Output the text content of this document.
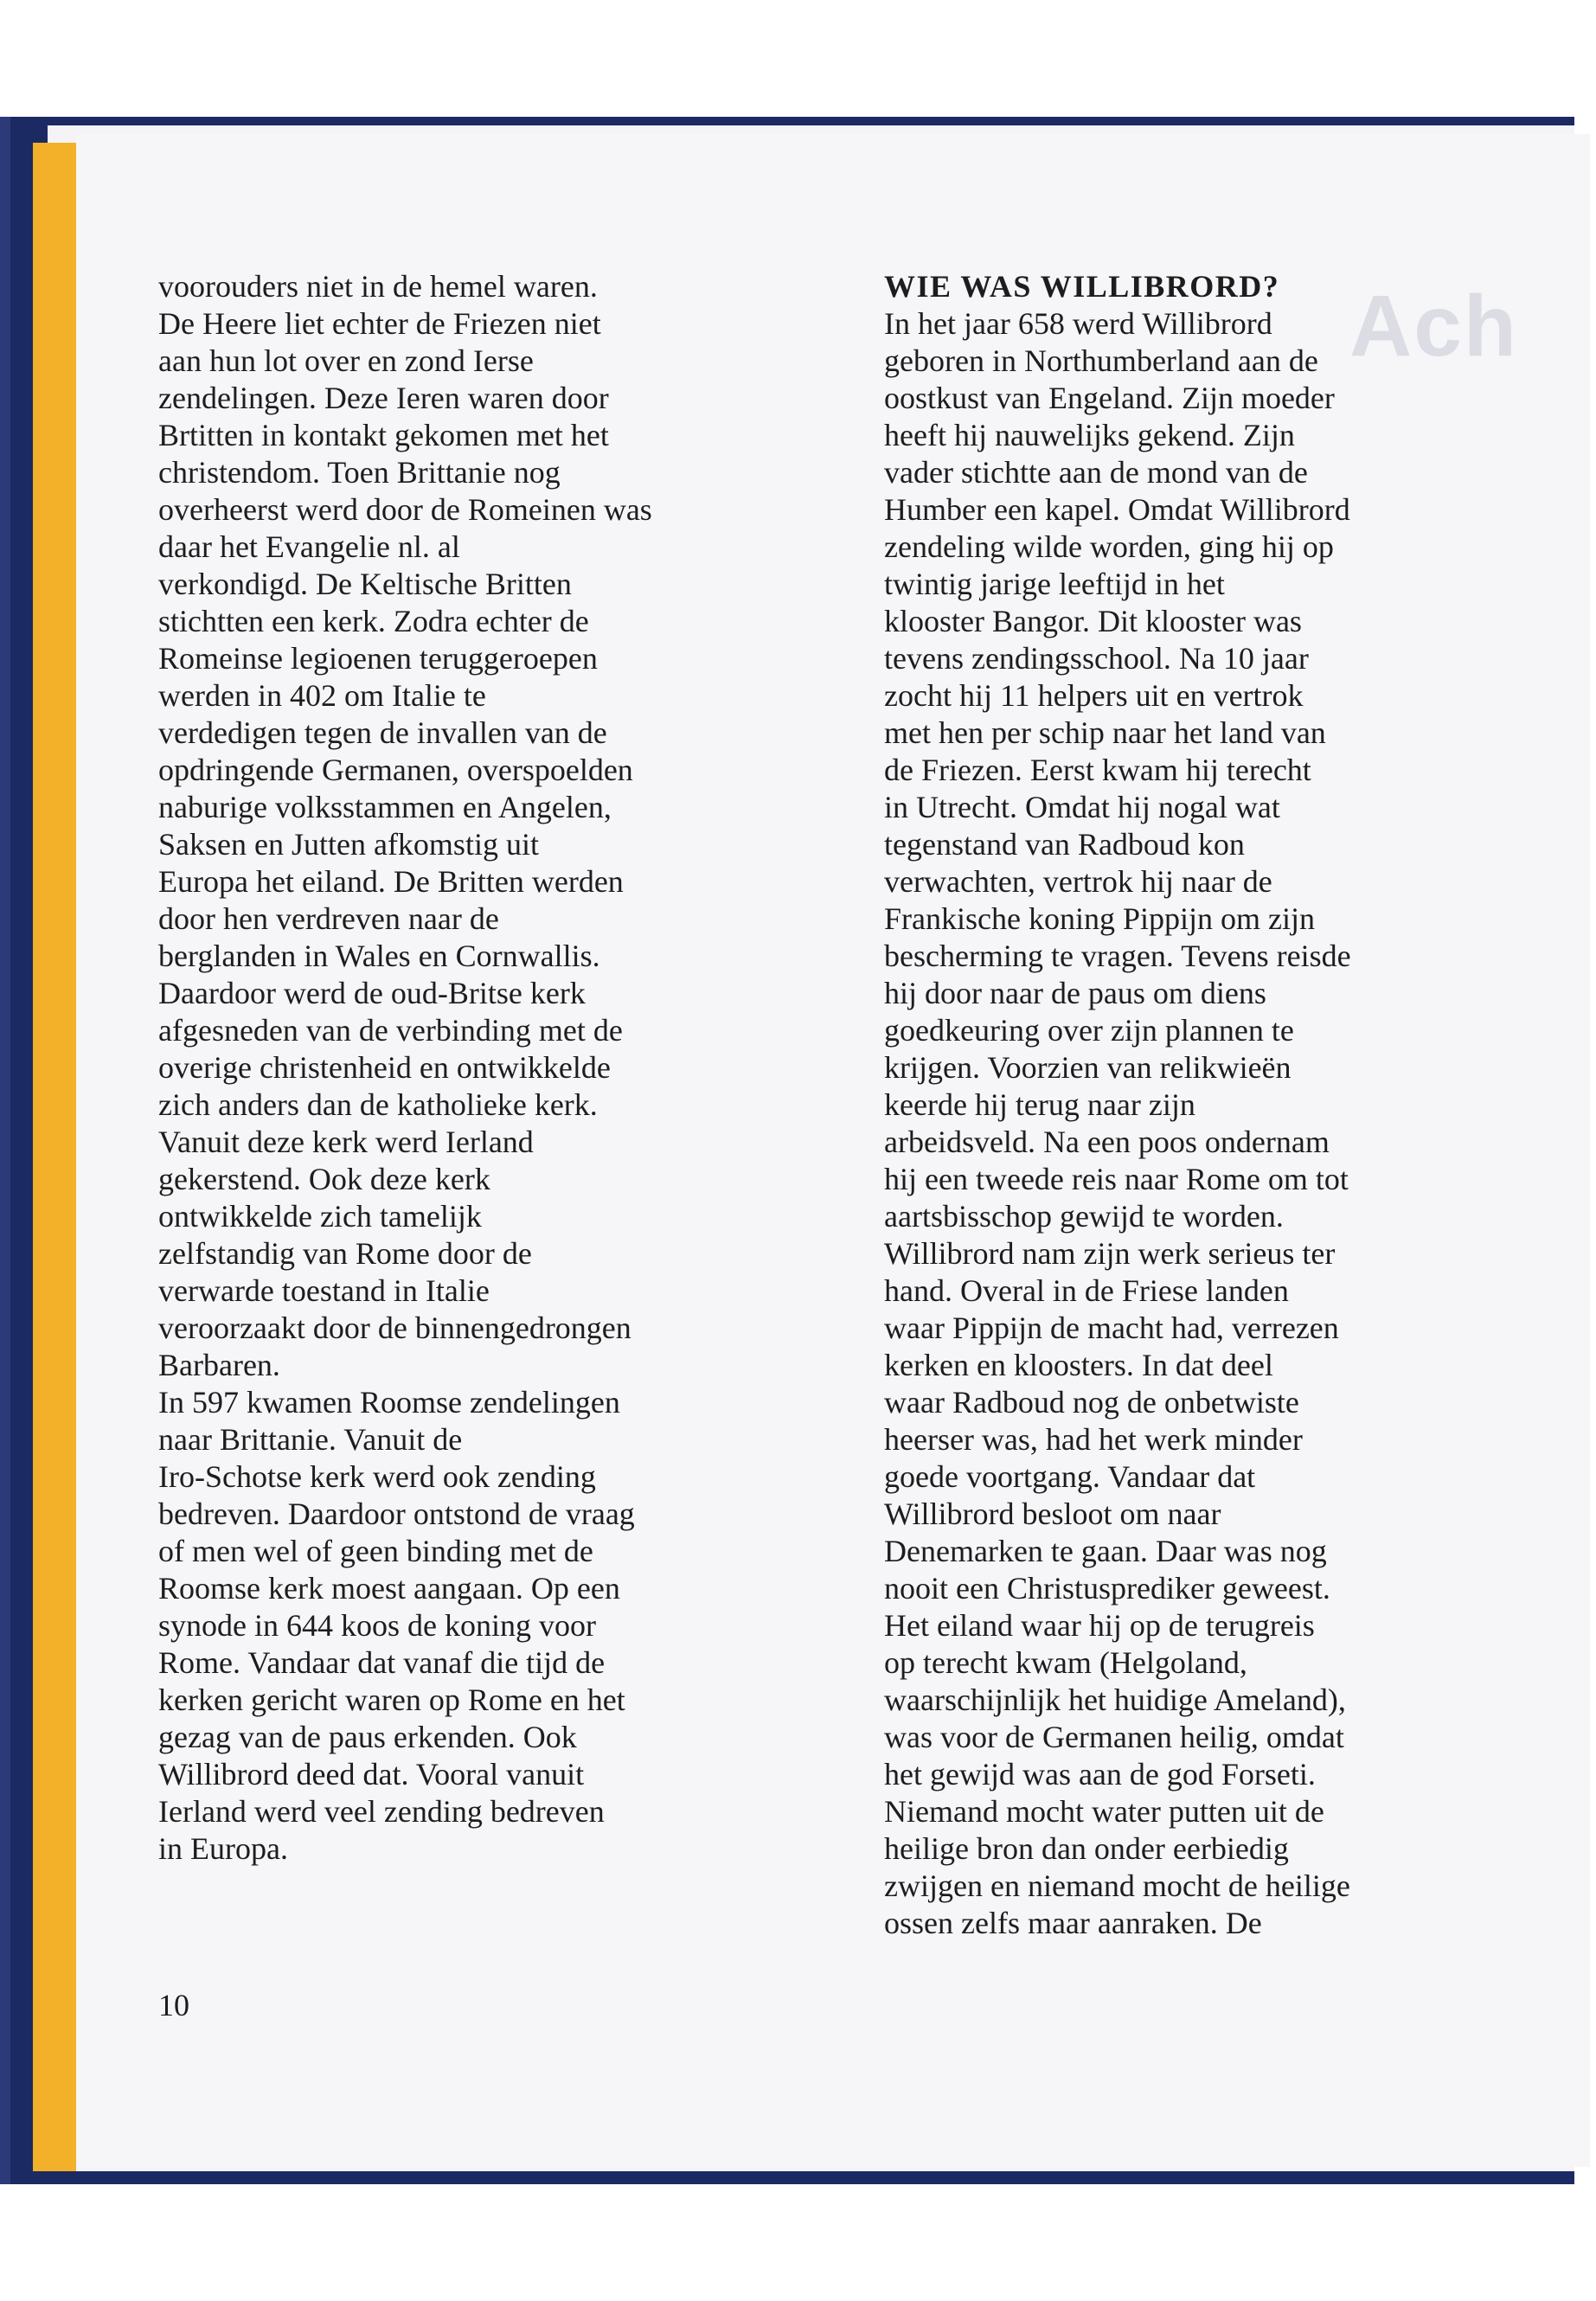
Ach
voorouders niet in de hemel waren.
De Heere liet echter de Friezen niet
aan hun lot over en zond Ierse
zendelingen. Deze Ieren waren door
Brtitten in kontakt gekomen met het
christendom. Toen Brittanie nog
overheerst werd door de Romeinen was
daar het Evangelie nl. al
verkondigd. De Keltische Britten
stichtten een kerk. Zodra echter de
Romeinse legioenen teruggeroepen
werden in 402 om Italie te
verdedigen tegen de invallen van de
opdringende Germanen, overspoelden
naburige volksstammen en Angelen,
Saksen en Jutten afkomstig uit
Europa het eiland. De Britten werden
door hen verdreven naar de
berglanden in Wales en Cornwallis.
Daardoor werd de oud-Britse kerk
afgesneden van de verbinding met de
overige christenheid en ontwikkelde
zich anders dan de katholieke kerk.
Vanuit deze kerk werd Ierland
gekerstend. Ook deze kerk
ontwikkelde zich tamelijk
zelfstandig van Rome door de
verwarde toestand in Italie
veroorzaakt door de binnengedrongen
Barbaren.
In 597 kwamen Roomse zendelingen
naar Brittanie. Vanuit de
Iro-Schotse kerk werd ook zending
bedreven. Daardoor ontstond de vraag
of men wel of geen binding met de
Roomse kerk moest aangaan. Op een
synode in 644 koos de koning voor
Rome. Vandaar dat vanaf die tijd de
kerken gericht waren op Rome en het
gezag van de paus erkenden. Ook
Willibrord deed dat. Vooral vanuit
Ierland werd veel zending bedreven
in Europa.
WIE WAS WILLIBRORD?
In het jaar 658 werd Willibrord
geboren in Northumberland aan de
oostkust van Engeland. Zijn moeder
heeft hij nauwelijks gekend. Zijn
vader stichtte aan de mond van de
Humber een kapel. Omdat Willibrord
zendeling wilde worden, ging hij op
twintig jarige leeftijd in het
klooster Bangor. Dit klooster was
tevens zendingsschool. Na 10 jaar
zocht hij 11 helpers uit en vertrok
met hen per schip naar het land van
de Friezen. Eerst kwam hij terecht
in Utrecht. Omdat hij nogal wat
tegenstand van Radboud kon
verwachten, vertrok hij naar de
Frankische koning Pippijn om zijn
bescherming te vragen. Tevens reisde
hij door naar de paus om diens
goedkeuring over zijn plannen te
krijgen. Voorzien van relikwieën
keerde hij terug naar zijn
arbeidsveld. Na een poos ondernam
hij een tweede reis naar Rome om tot
aartsbisschop gewijd te worden.
Willibrord nam zijn werk serieus ter
hand. Overal in de Friese landen
waar Pippijn de macht had, verrezen
kerken en kloosters. In dat deel
waar Radboud nog de onbetwiste
heerser was, had het werk minder
goede voortgang. Vandaar dat
Willibrord besloot om naar
Denemarken te gaan. Daar was nog
nooit een Christusprediker geweest.
Het eiland waar hij op de terugreis
op terecht kwam (Helgoland,
waarschijnlijk het huidige Ameland),
was voor de Germanen heilig, omdat
het gewijd was aan de god Forseti.
Niemand mocht water putten uit de
heilige bron dan onder eerbiedig
zwijgen en niemand mocht de heilige
ossen zelfs maar aanraken. De
10
